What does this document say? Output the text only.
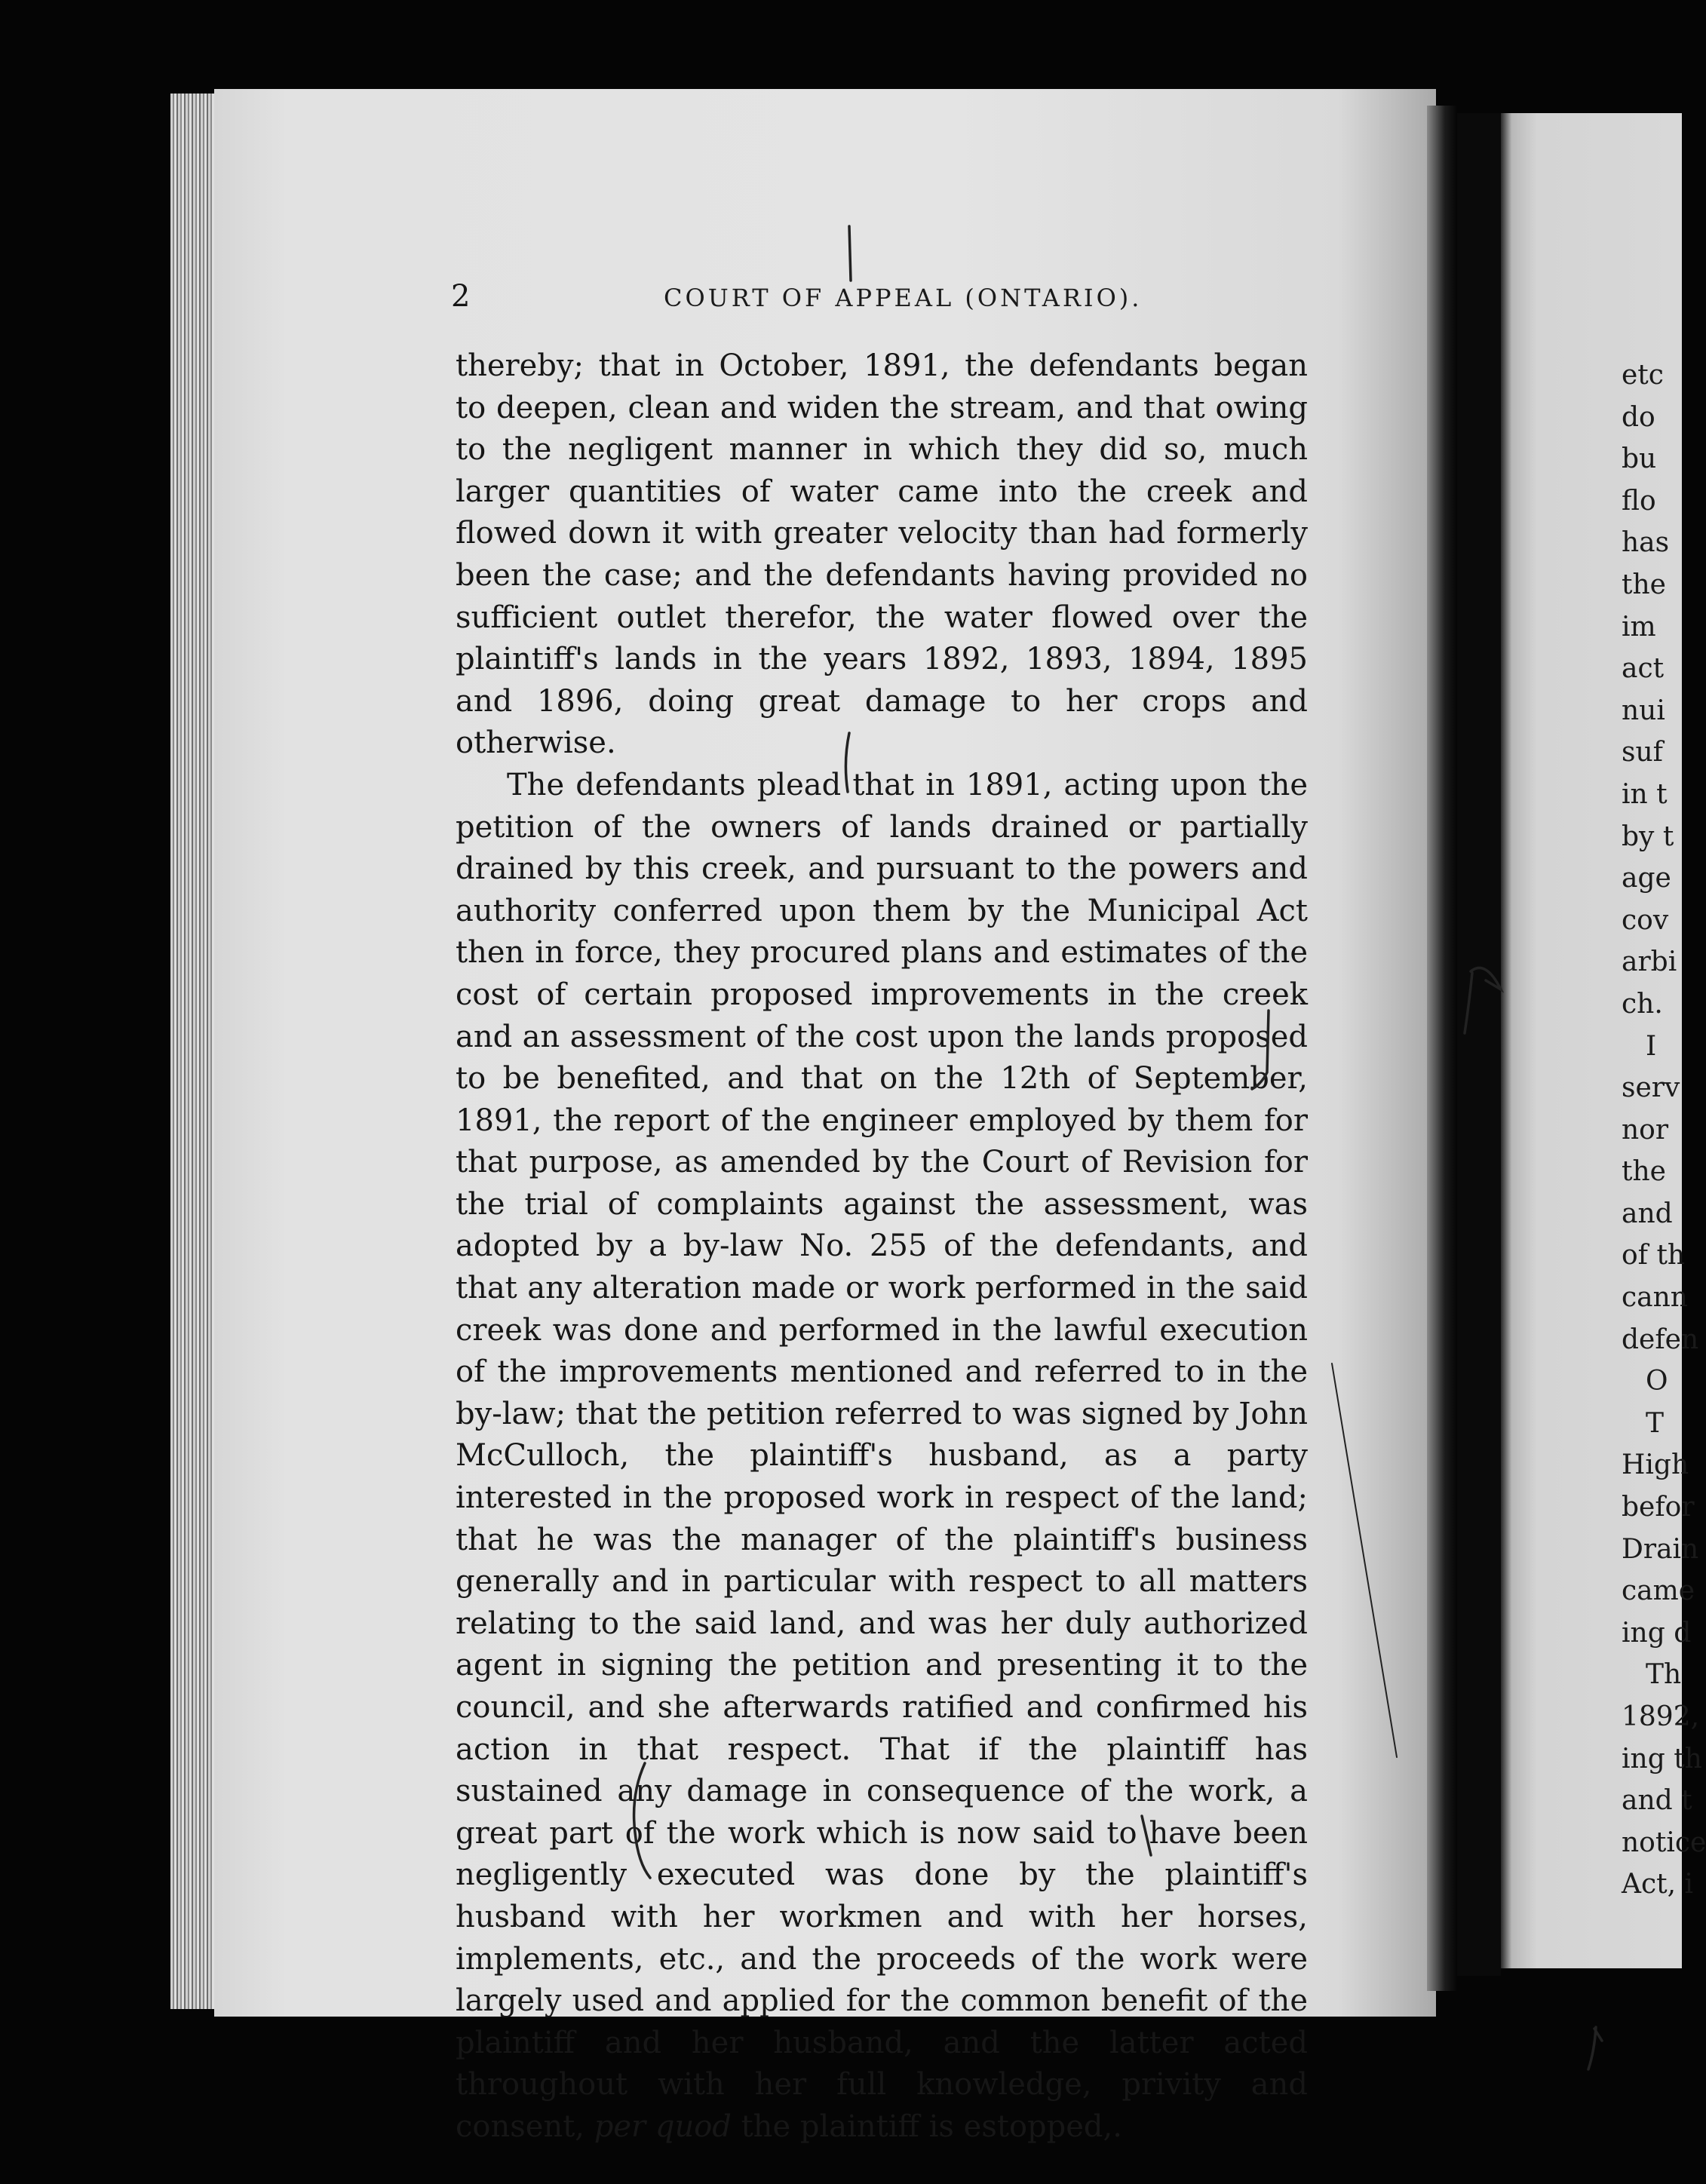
2	COURT OF APPEAL (ONTARIO).

thereby; that in October, 1891, the defendants began to deepen, clean and widen the stream, and that owing to the negligent manner in which they did so, much larger quantities of water came into the creek and flowed down it with greater velocity than had formerly been the case; and the defendants having provided no sufficient outlet therefor, the water flowed over the plaintiff's lands in the years 1892, 1893, 1894, 1895 and 1896, doing great damage to her crops and otherwise.

The defendants plead that in 1891, acting upon the petition of the owners of lands drained or partially drained by this creek, and pursuant to the powers and authority conferred upon them by the Municipal Act then in force, they procured plans and estimates of the cost of certain proposed improvements in the creek and an assessment of the cost upon the lands proposed to be benefited, and that on the 12th of September, 1891, the report of the engineer employed by them for that purpose, as amended by the Court of Revision for the trial of complaints against the assessment, was adopted by a by-law No. 255 of the defendants, and that any alteration made or work performed in the said creek was done and performed in the lawful execution of the improvements mentioned and referred to in the by-law; that the petition referred to was signed by John McCulloch, the plaintiff's husband, as a party interested in the proposed work in respect of the land; that he was the manager of the plaintiff's business generally and in particular with respect to all matters relating to the said land, and was her duly authorized agent in signing the petition and presenting it to the council, and she afterwards ratified and confirmed his action in that respect. That if the plaintiff has sustained any damage in consequence of the work, a great part of the work which is now said to have been negligently executed was done by the plaintiff's husband with her workmen and with her horses, implements, etc., and the proceeds of the work were largely used and applied for the common benefit of the plaintiff and her husband, and the latter acted throughout with her full knowledge, privity and consent, per quod the plaintiff is estopped,.

etc
do
bu
flo
has
the
im
act
nui
suf
in t
by t
age
cov
arbi
ch.
I
serv
nor
the
and
of th
cann
defen
O
T
High
befor
Drain
came
ing d
Th
1892,
ing th
and t
notice
Act, i
